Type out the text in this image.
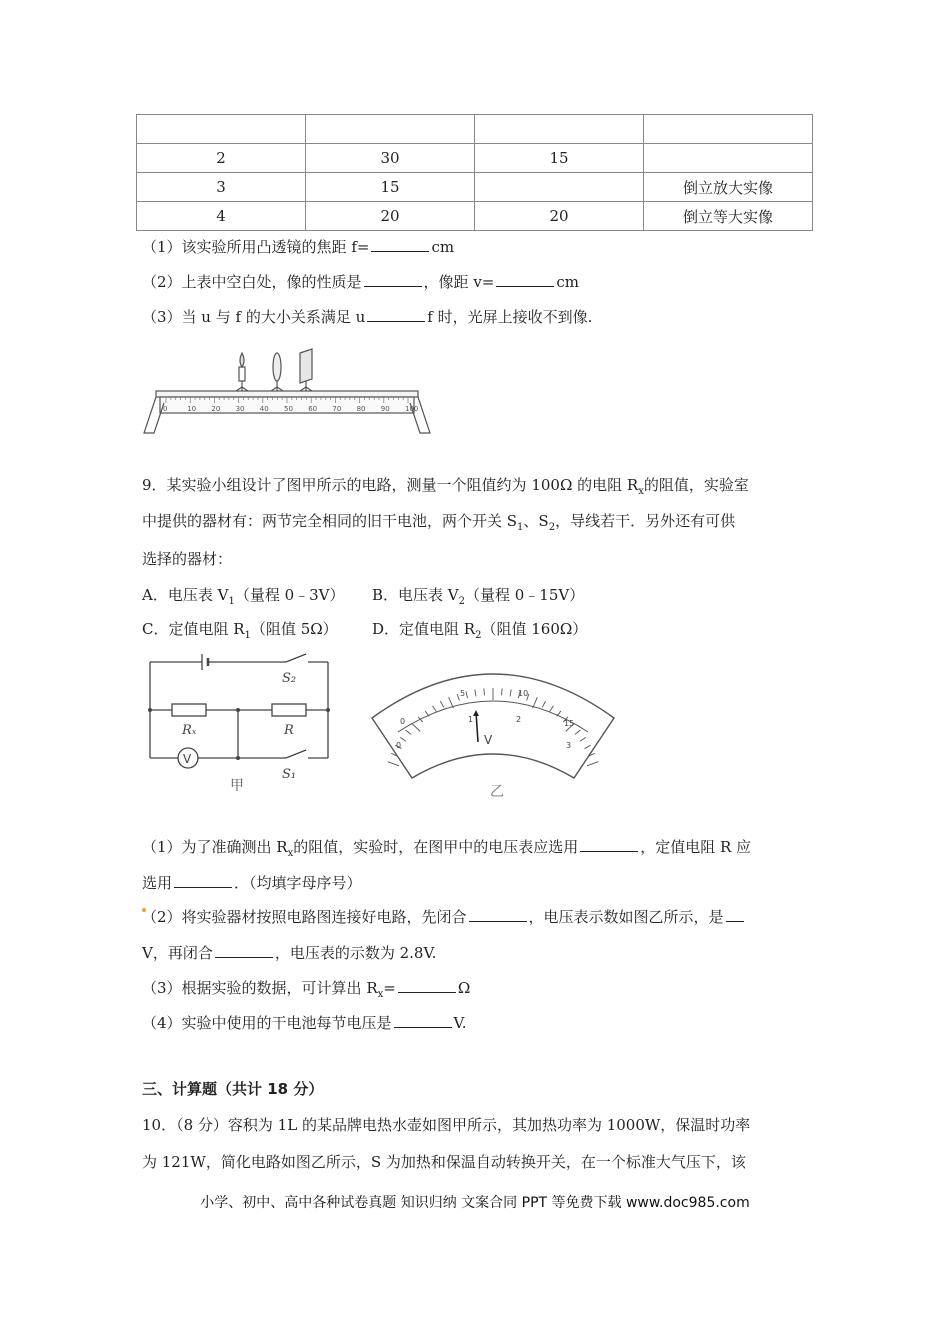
2	30	15	
3	15		倒立放大实像
4	20	20	倒立等大实像
（1）该实验所用凸透镜的焦距 f=	cm
（2）上表中空白处，像的性质是	，像距 v=	cm
（3）当 u 与 f 的大小关系满足 u	f 时，光屏上接收不到像.
0	10 20 30 40 50 60 70 80 90 100
9．某实验小组设计了图甲所示的电路，测量一个阻值约为 100Ω 的电阻 $R_x$的阻值，实验室
中提供的器材有：两节完全相同的旧干电池，两个开关 $S_1$、$S_2$，导线若干．另外还有可供
选择的器材：
A．电压表 $V_1$（量程 0﹣3V） B．电压表 $V_2$（量程 0﹣15V）
C．定值电阻 $R_1$（阻值 5Ω） D．定值电阻 $R_2$（阻值 160Ω）
S₂
Rₓ	R
S₁
V
甲
0
5	10
15
0
1	2
3
V
乙
（1）为了准确测出 $R_x$的阻值，实验时，在图甲中的电压表应选用	，定值电阻 R 应
选用	．（均填字母序号）
（2）将实验器材按照电路图连接好电路，先闭合	，电压表示数如图乙所示，是
V，再闭合	，电压表的示数为 2.8V.
（3）根据实验的数据，可计算出 $R_x=$	Ω
（4）实验中使用的干电池每节电压是	V.
三、计算题（共计 18 分）
10．（8 分）容积为 1L 的某品牌电热水壶如图甲所示，其加热功率为 1000W，保温时功率
为 121W，简化电路如图乙所示，S 为加热和保温自动转换开关，在一个标准大气压下，该
小学、初中、高中各种试卷真题 知识归纳 文案合同 PPT 等免费下载 www.doc985.com
